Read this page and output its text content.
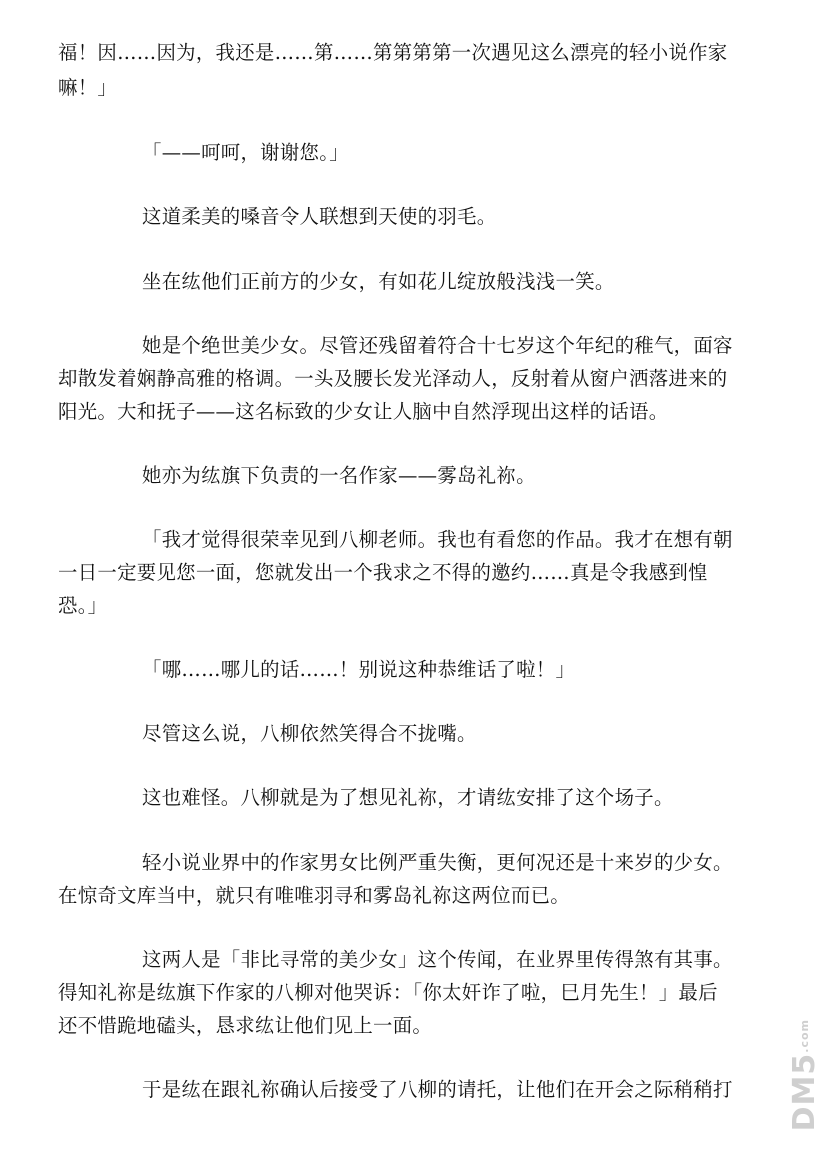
福！因……因为，我还是……第……第第第第一次遇见这么漂亮的轻小说作家
嘛！」
「——呵呵，谢谢您。」
这道柔美的嗓音令人联想到天使的羽毛。
坐在纮他们正前方的少女，有如花儿绽放般浅浅一笑。
她是个绝世美少女。尽管还残留着符合十七岁这个年纪的稚气，面容
却散发着娴静高雅的格调。一头及腰长发光泽动人，反射着从窗户洒落进来的
阳光。大和抚子——这名标致的少女让人脑中自然浮现出这样的话语。
她亦为纮旗下负责的一名作家——雾岛礼祢。
「我才觉得很荣幸见到八柳老师。我也有看您的作品。我才在想有朝
一日一定要见您一面，您就发出一个我求之不得的邀约……真是令我感到惶
恐。」
「哪……哪儿的话……！别说这种恭维话了啦！」
尽管这么说，八柳依然笑得合不拢嘴。
这也难怪。八柳就是为了想见礼祢，才请纮安排了这个场子。
轻小说业界中的作家男女比例严重失衡，更何况还是十来岁的少女。
在惊奇文库当中，就只有唯唯羽寻和雾岛礼祢这两位而已。
这两人是「非比寻常的美少女」这个传闻，在业界里传得煞有其事。
得知礼祢是纮旗下作家的八柳对他哭诉：「你太奸诈了啦，巳月先生！」最后
还不惜跪地磕头，恳求纮让他们见上一面。
于是纮在跟礼祢确认后接受了八柳的请托，让他们在开会之际稍稍打 DM5.com
